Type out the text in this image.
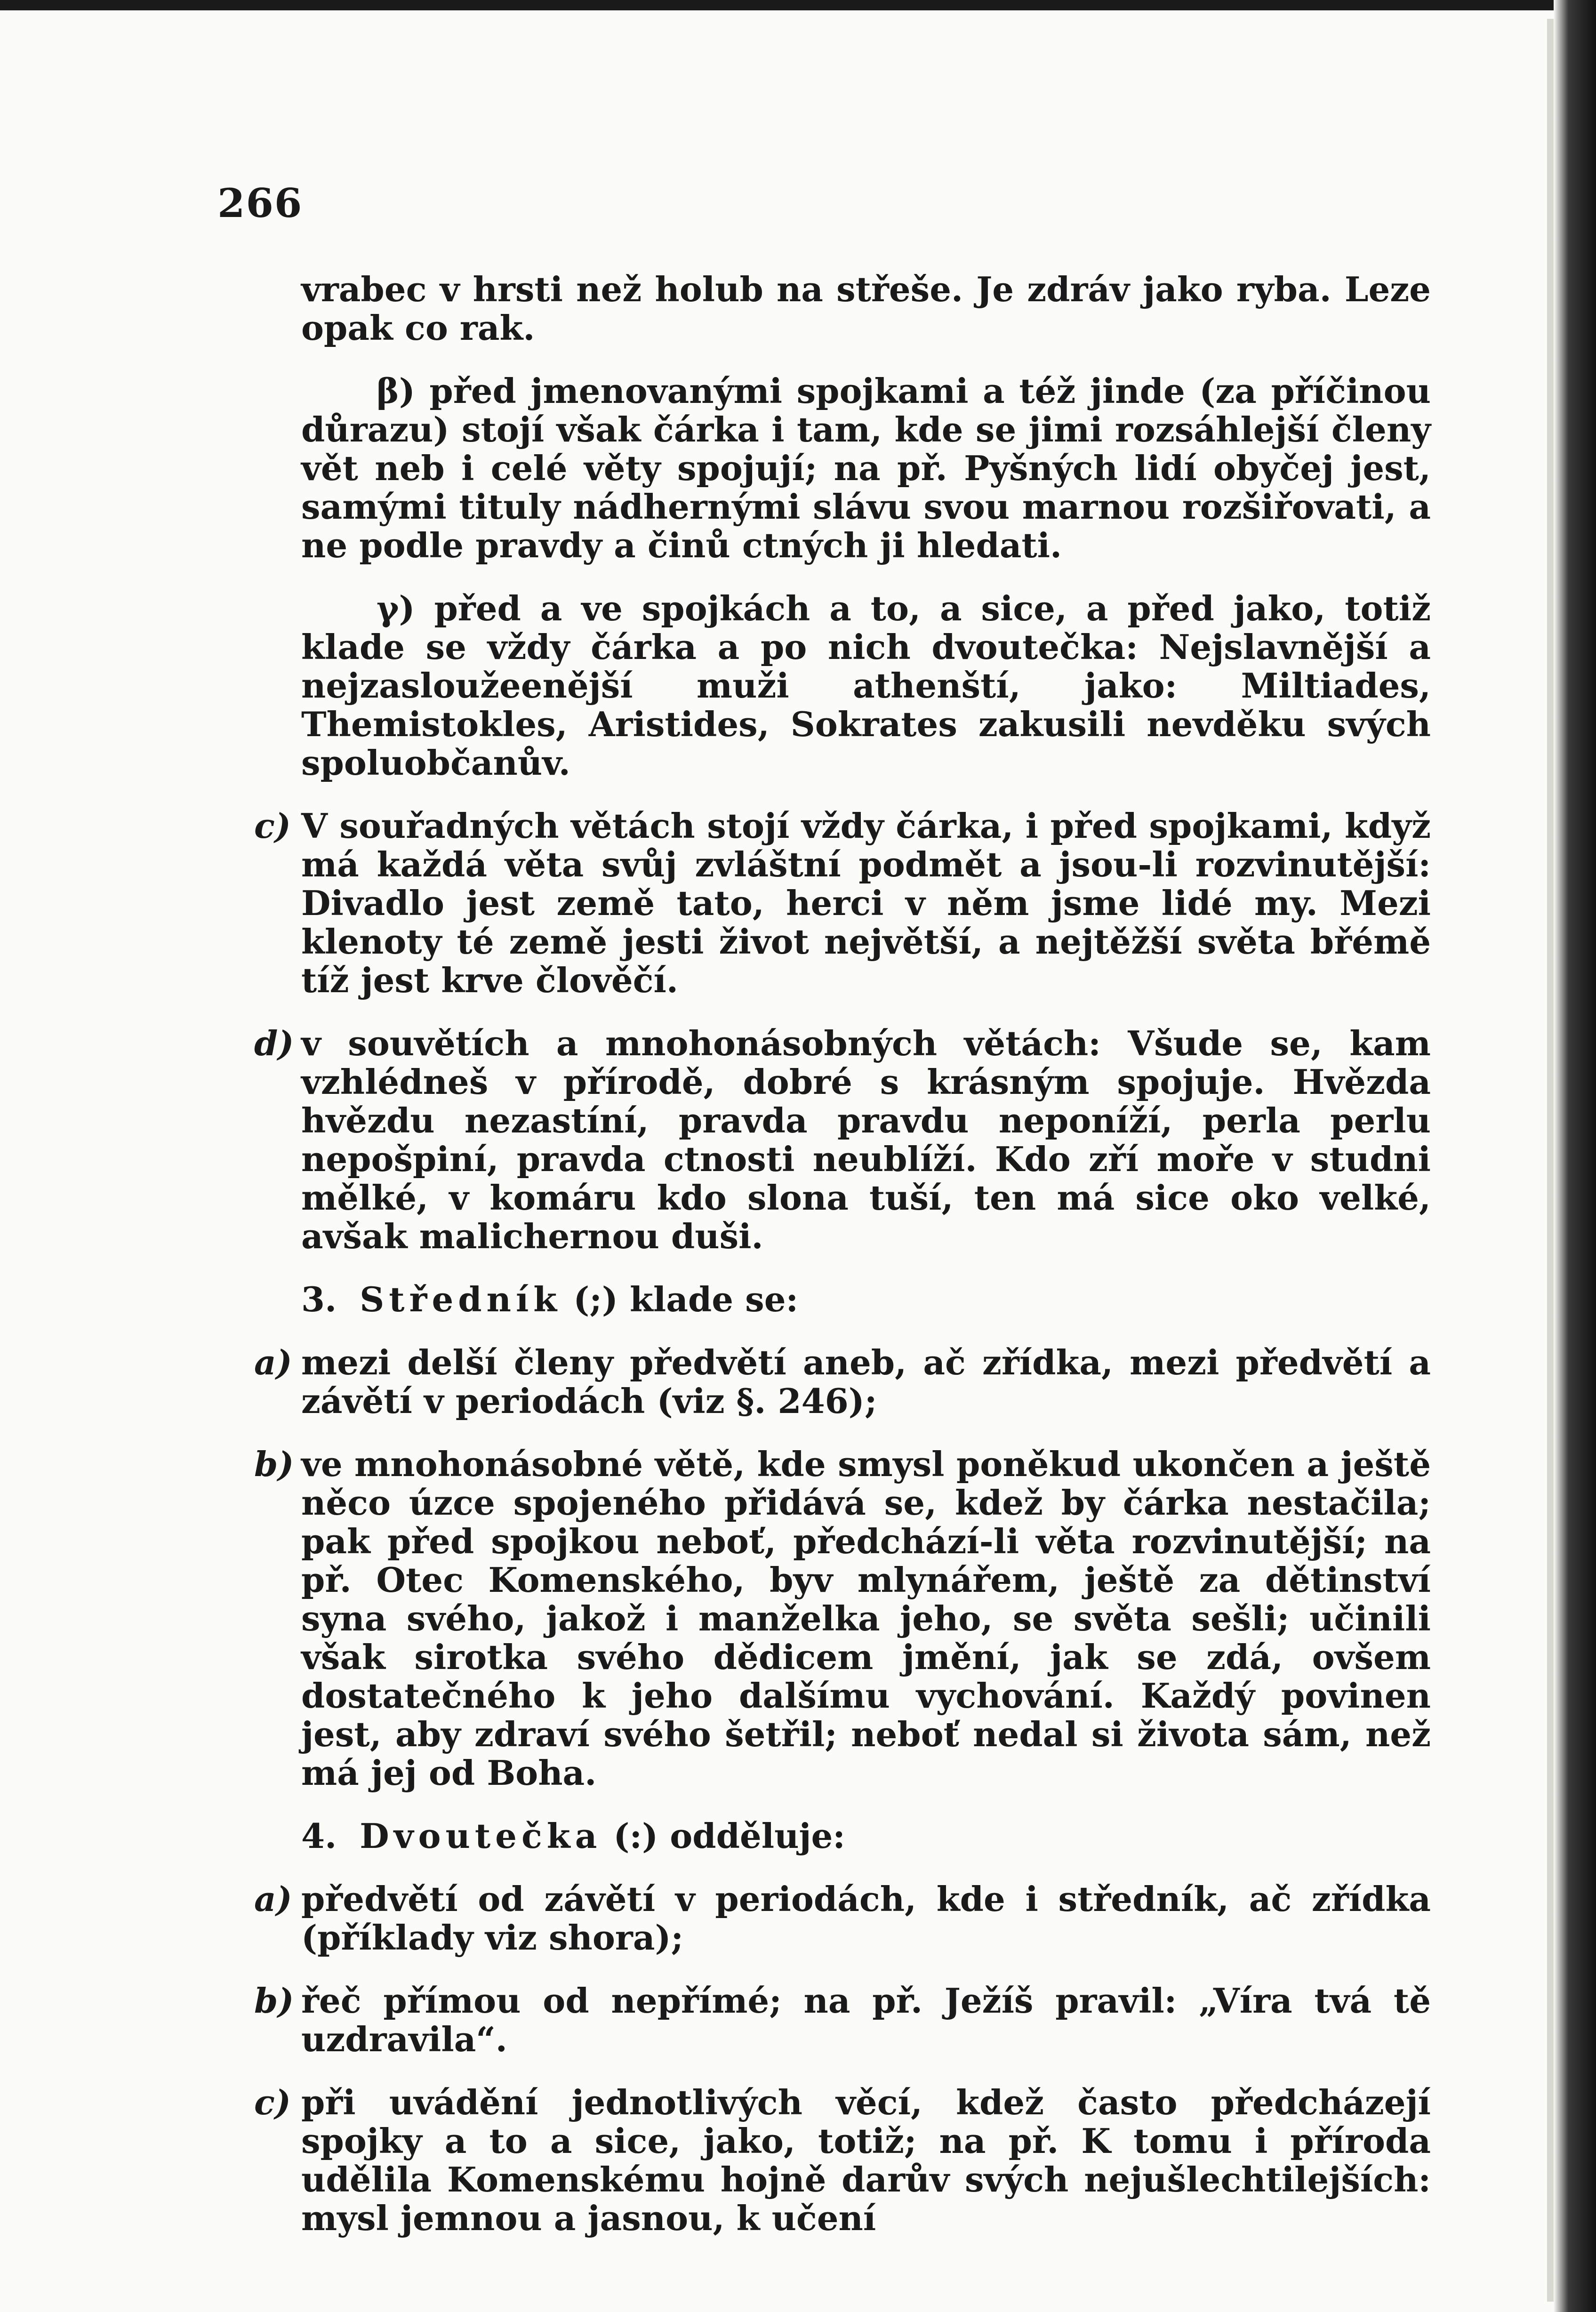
266

vrabec v hrsti než holub na střeše. Je zdráv jako ryba. Leze opak co rak.

β) před jmenovanými spojkami a též jinde (za příčinou důrazu) stojí však čárka i tam, kde se jimi rozsáhlejší členy vět neb i celé věty spojují; na př. Pyšných lidí obyčej jest, samými tituly nádhernými slávu svou marnou rozšiřovati, a ne podle pravdy a činů ctných ji hledati.

γ) před a ve spojkách a to, a sice, a před jako, totiž klade se vždy čárka a po nich dvoutečka: Nejslavnější a nejzasloužeenější muži athenští, jako: Miltiades, Themistokles, Aristides, Sokrates zakusili nevděku svých spoluobčanův.

c) V souřadných větách stojí vždy čárka, i před spojkami, když má každá věta svůj zvláštní podmět a jsou-li rozvinutější: Divadlo jest země tato, herci v něm jsme lidé my. Mezi klenoty té země jesti život největší, a nejtěžší světa břémě tíž jest krve člověčí.
d) v souvětích a mnohonásobných větách: Všude se, kam vzhlédneš v přírodě, dobré s krásným spojuje. Hvězda hvězdu nezastíní, pravda pravdu neponíží, perla perlu nepošpiní, pravda ctnosti neublíží. Kdo zří moře v studni mělké, v komáru kdo slona tuší, ten má sice oko velké, avšak malichernou duši.
3. Středník (;) klade se:
a) mezi delší členy předvětí aneb, ač zřídka, mezi předvětí a závětí v periodách (viz §. 246);
b) ve mnohonásobné větě, kde smysl poněkud ukončen a ještě něco úzce spojeného přidává se, kdež by čárka nestačila; pak před spojkou neboť, předchází-li věta rozvinutější; na př. Otec Komenského, byv mlynářem, ještě za dětinství syna svého, jakož i manželka jeho, se světa sešli; učinili však sirotka svého dědicem jmění, jak se zdá, ovšem dostatečného k jeho dalšímu vychování. Každý povinen jest, aby zdraví svého šetřil; neboť nedal si života sám, než má jej od Boha.
4. Dvoutečka (:) odděluje:
a) předvětí od závětí v periodách, kde i středník, ač zřídka (příklady viz shora);
b) řeč přímou od nepřímé; na př. Ježíš pravil: „Víra tvá tě uzdravila“.
c) při uvádění jednotlivých věcí, kdež často předcházejí spojky a to a sice, jako, totiž; na př. K tomu i příroda udělila Komenskému hojně darův svých nejušlechtilejších: mysl jemnou a jasnou, k učení
